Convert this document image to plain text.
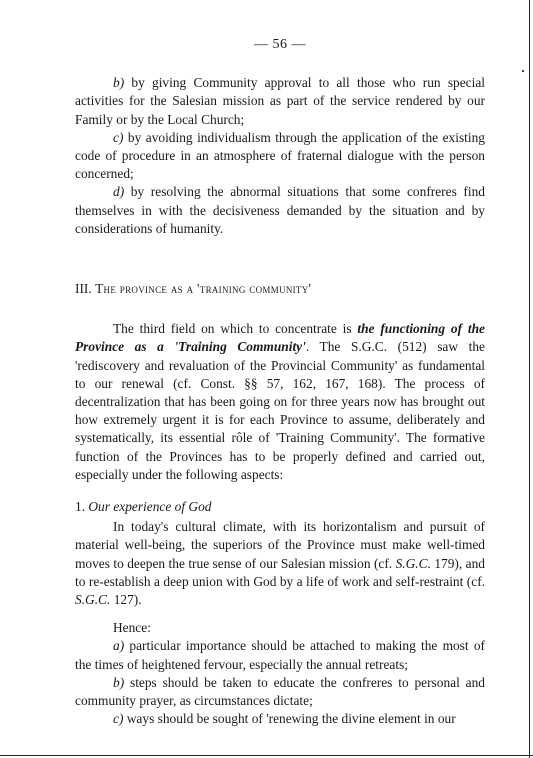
— 56 —

b) by giving Community approval to all those who run special activities for the Salesian mission as part of the service rendered by our Family or by the Local Church;

c) by avoiding individualism through the application of the existing code of procedure in an atmosphere of fraternal dialogue with the person concerned;

d) by resolving the abnormal situations that some confreres find themselves in with the decisiveness demanded by the situation and by considerations of humanity.

III. The province as a 'training community'

The third field on which to concentrate is the functioning of the Province as a 'Training Community'. The S.G.C. (512) saw the 'rediscovery and revaluation of the Provincial Community' as fundamental to our renewal (cf. Const. §§ 57, 162, 167, 168). The process of decentralization that has been going on for three years now has brought out how extremely urgent it is for each Province to assume, deliberately and systematically, its essential rôle of 'Training Community'. The formative function of the Provinces has to be properly defined and carried out, especially under the following aspects:

1. Our experience of God

In today's cultural climate, with its horizontalism and pursuit of material well-being, the superiors of the Province must make well-timed moves to deepen the true sense of our Salesian mission (cf. S.G.C. 179), and to re-establish a deep union with God by a life of work and self-restraint (cf. S.G.C. 127).

Hence:

a) particular importance should be attached to making the most of the times of heightened fervour, especially the annual retreats;

b) steps should be taken to educate the confreres to personal and community prayer, as circumstances dictate;

c) ways should be sought of 'renewing the divine element in our
